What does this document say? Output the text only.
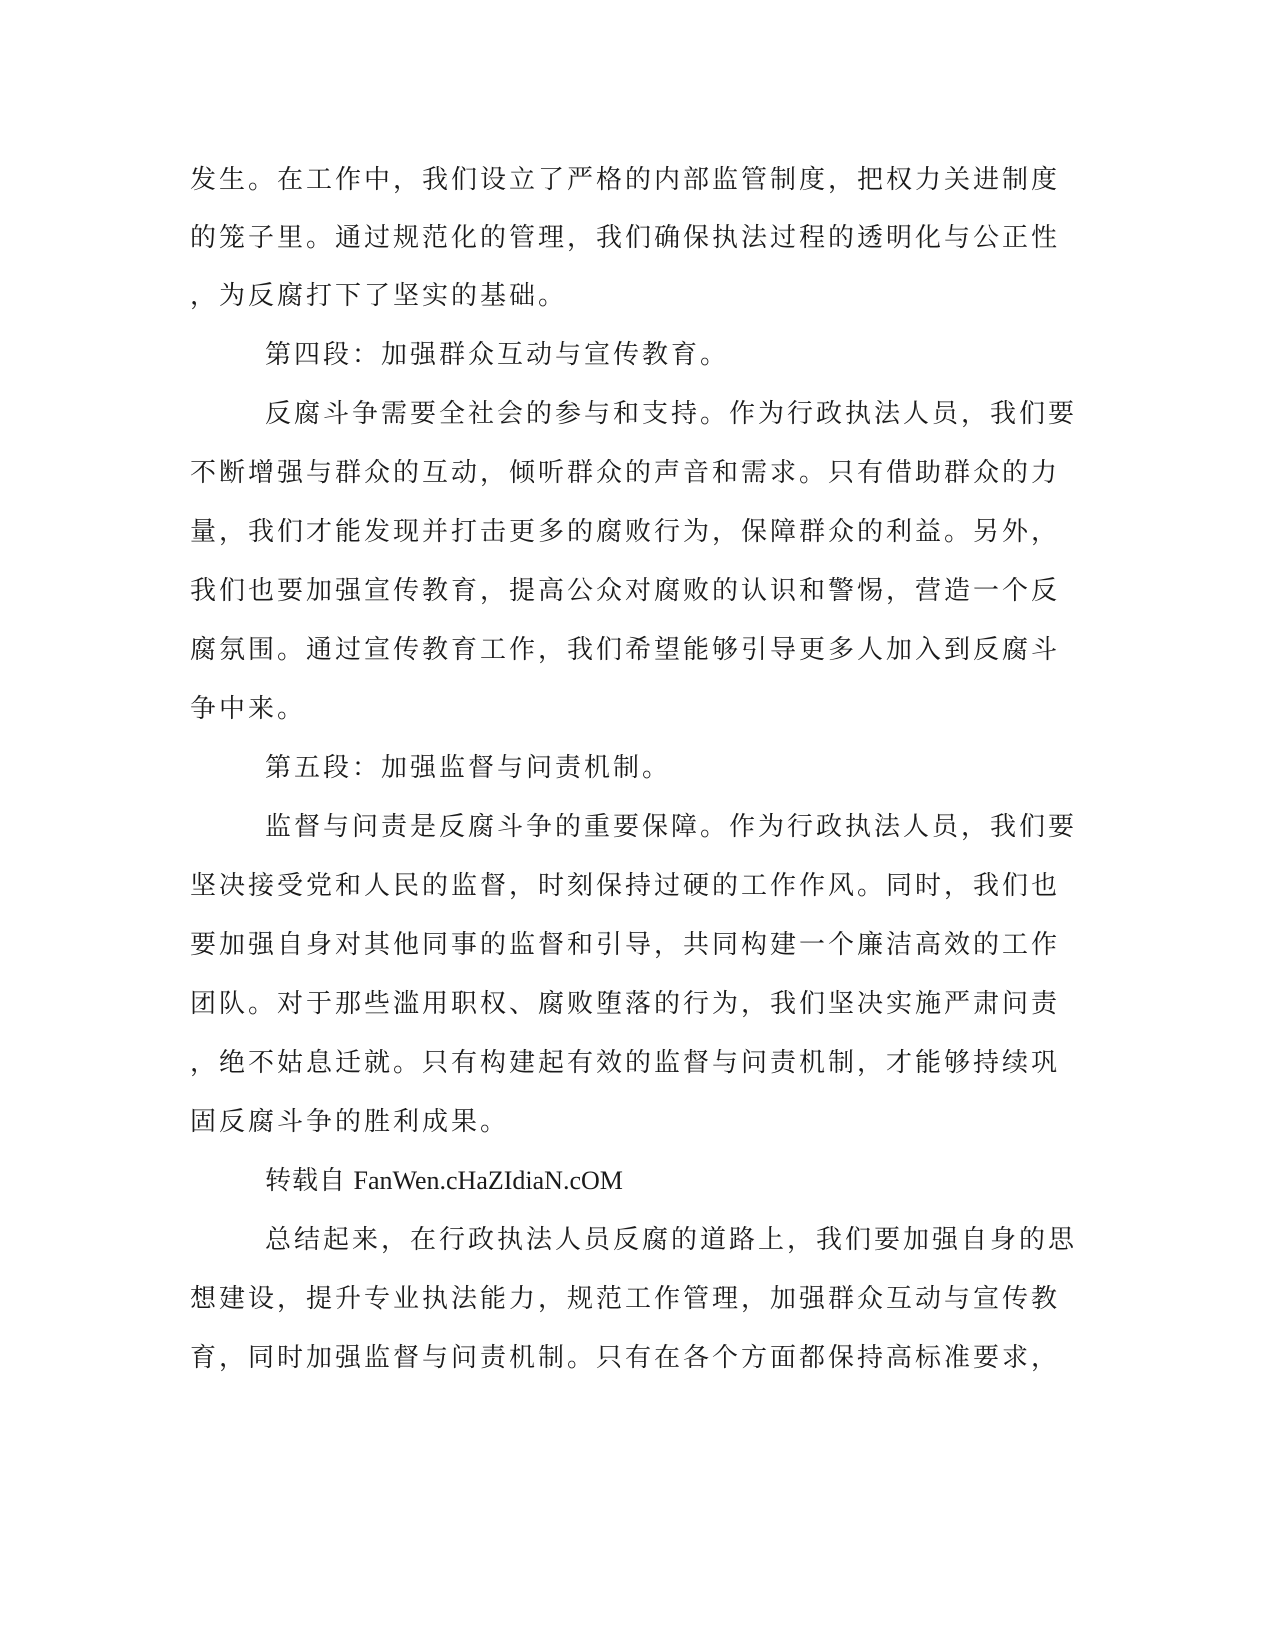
发生。在工作中，我们设立了严格的内部监管制度，把权力关进制度
的笼子里。通过规范化的管理，我们确保执法过程的透明化与公正性
，为反腐打下了坚实的基础。
第四段：加强群众互动与宣传教育。
反腐斗争需要全社会的参与和支持。作为行政执法人员，我们要
不断增强与群众的互动，倾听群众的声音和需求。只有借助群众的力
量，我们才能发现并打击更多的腐败行为，保障群众的利益。另外，
我们也要加强宣传教育，提高公众对腐败的认识和警惕，营造一个反
腐氛围。通过宣传教育工作，我们希望能够引导更多人加入到反腐斗
争中来。
第五段：加强监督与问责机制。
监督与问责是反腐斗争的重要保障。作为行政执法人员，我们要
坚决接受党和人民的监督，时刻保持过硬的工作作风。同时，我们也
要加强自身对其他同事的监督和引导，共同构建一个廉洁高效的工作
团队。对于那些滥用职权、腐败堕落的行为，我们坚决实施严肃问责
，绝不姑息迁就。只有构建起有效的监督与问责机制，才能够持续巩
固反腐斗争的胜利成果。
转载自 FanWen.cHaZIdiaN.cOM
总结起来，在行政执法人员反腐的道路上，我们要加强自身的思
想建设，提升专业执法能力，规范工作管理，加强群众互动与宣传教
育，同时加强监督与问责机制。只有在各个方面都保持高标准要求，
